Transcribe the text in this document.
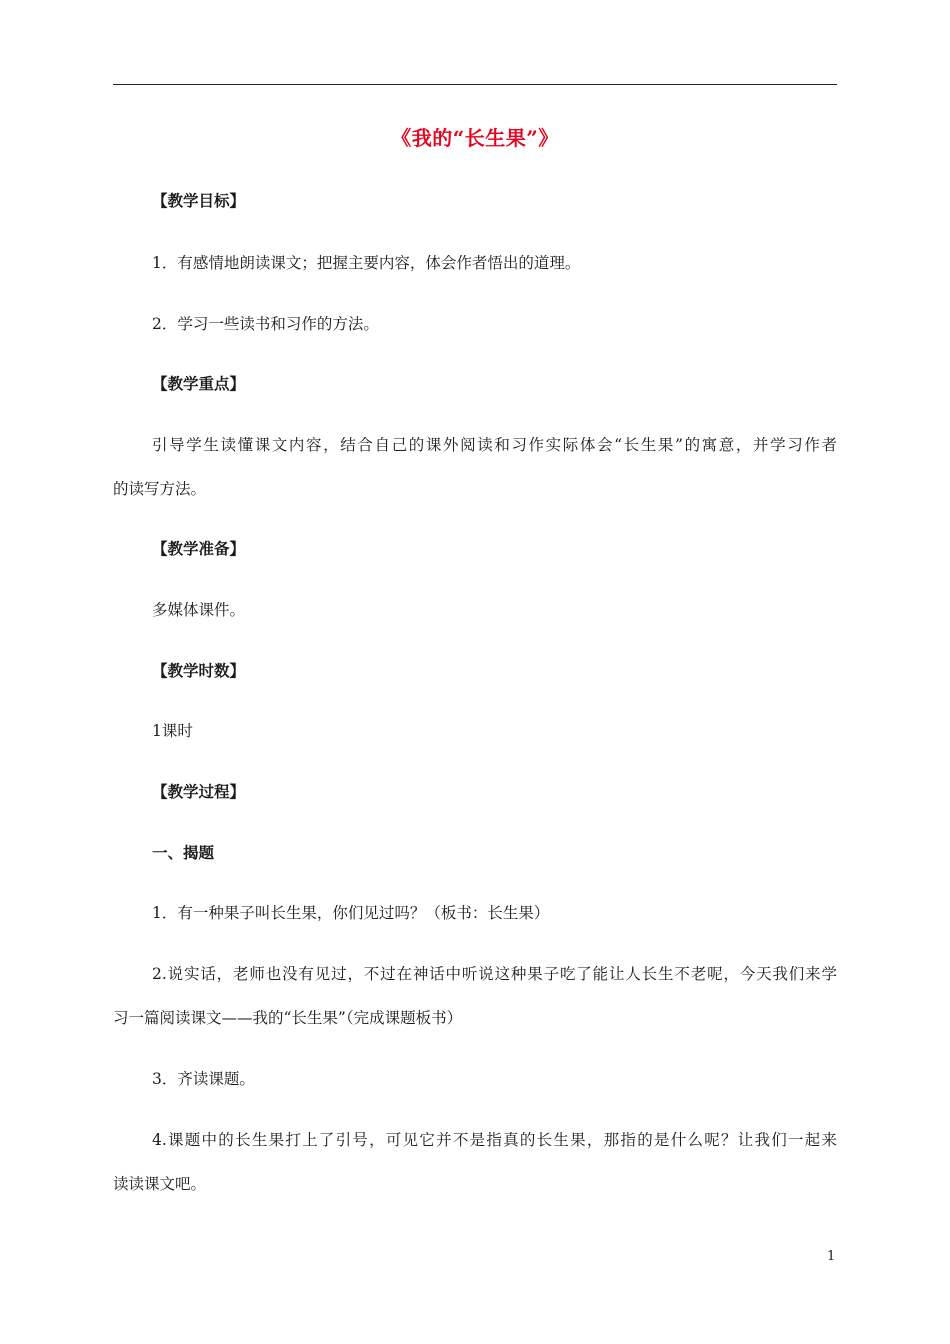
《我的“长生果”》
【教学目标】
1．有感情地朗读课文；把握主要内容，体会作者悟出的道理。
2．学习一些读书和习作的方法。
【教学重点】
引导学生读懂课文内容，结合自己的课外阅读和习作实际体会“长生果”的寓意，并学习作者
的读写方法。
【教学准备】
多媒体课件。
【教学时数】
1课时
【教学过程】
一、揭题
1．有一种果子叫长生果，你们见过吗？（板书：长生果）
2.说实话，老师也没有见过，不过在神话中听说这种果子吃了能让人长生不老呢，今天我们来学
习一篇阅读课文——我的“长生果”（完成课题板书）
3．齐读课题。
4.课题中的长生果打上了引号，可见它并不是指真的长生果，那指的是什么呢？让我们一起来
读读课文吧。
1
